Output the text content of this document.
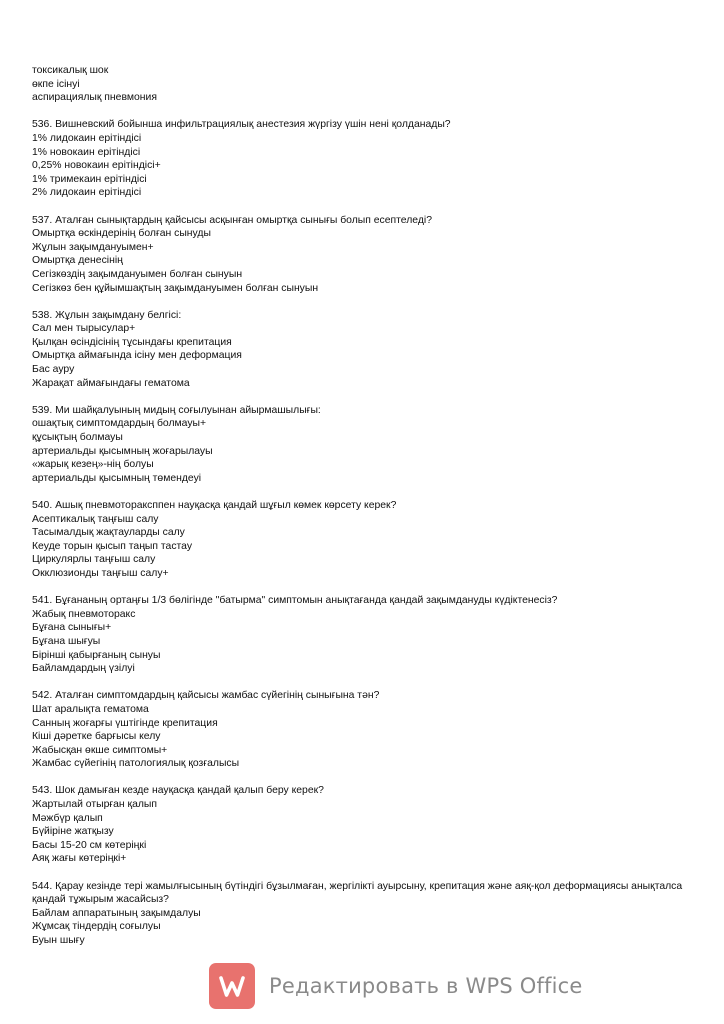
токсикалық шок
өкпе ісінуі
аспирациялық пневмония
536. Вишневский бойынша инфильтрациялық анестезия жүргізу үшін нені қолданады?
1% лидокаин ерітіндісі
1% новокаин ерітіндісі
0,25% новокаин ерітіндісі+
1% тримекаин ерітіндісі
2% лидокаин ерітіндісі
537. Аталған сынықтардың қайсысы асқынған омыртқа сынығы болып есептеледі?
Омыртқа өскіндерінің болған сынуды
Жұлын зақымдануымен+
Омыртқа денесінің
Сегізкөздің зақымдануымен болған сынуын
Сегізкөз бен құйымшақтың зақымдануымен болған сынуын
538. Жұлын зақымдану белгісі:
Сал мен тырысулар+
Қылқан өсіндісінің тұсындағы крепитация
Омыртқа аймағында ісіну мен деформация
Бас ауру
Жарақат аймағындағы гематома
539. Ми шайқалуының мидың соғылуынан айырмашылығы:
ошақтық симптомдардың болмауы+
құсықтың болмауы
артериальды қысымның жоғарылауы
«жарық кезең»-нің болуы
артериальды қысымның төмендеуі
540. Ашық пневмотораксппен науқасқа қандай шұғыл көмек көрсету керек?
Асептикалық таңғыш салу
Тасымалдық жақтауларды салу
Кеуде торын қысып таңып тастау
Циркулярлы таңғыш салу
Окклюзионды таңғыш салу+
541. Бұғананың ортаңғы 1/3 бөлігінде "батырма" симптомын анықтағанда қандай зақымдануды күдіктенесіз?
Жабық пневмоторакс
Бұғана сынығы+
Бұғана шығуы
Бірінші қабырғаның сынуы
Байламдардың үзілуі
542. Аталған симптомдардың қайсысы жамбас сүйегінің сынығына тән?
Шат аралықта гематома
Санның жоғарғы үштігінде крепитация
Кіші дәретке барғысы келу
Жабысқан өкше симптомы+
Жамбас сүйегінің патологиялық қозғалысы
543. Шок дамыған кезде науқасқа қандай қалып беру керек?
Жартылай отырған қалып
Мәжбүр қалып
Бүйіріне жатқызу
Басы 15-20 см көтеріңкі
Аяқ жағы көтеріңкі+
544. Қарау кезінде тері жамылғысының бүтіндігі бұзылмаған, жергілікті ауырсыну, крепитация және аяқ-қол деформациясы анықталса қандай тұжырым жасайсыз?
Байлам аппаратының зақымдалуы
Жұмсақ тіндердің соғылуы
Буын шығу
Редактировать в WPS Office
